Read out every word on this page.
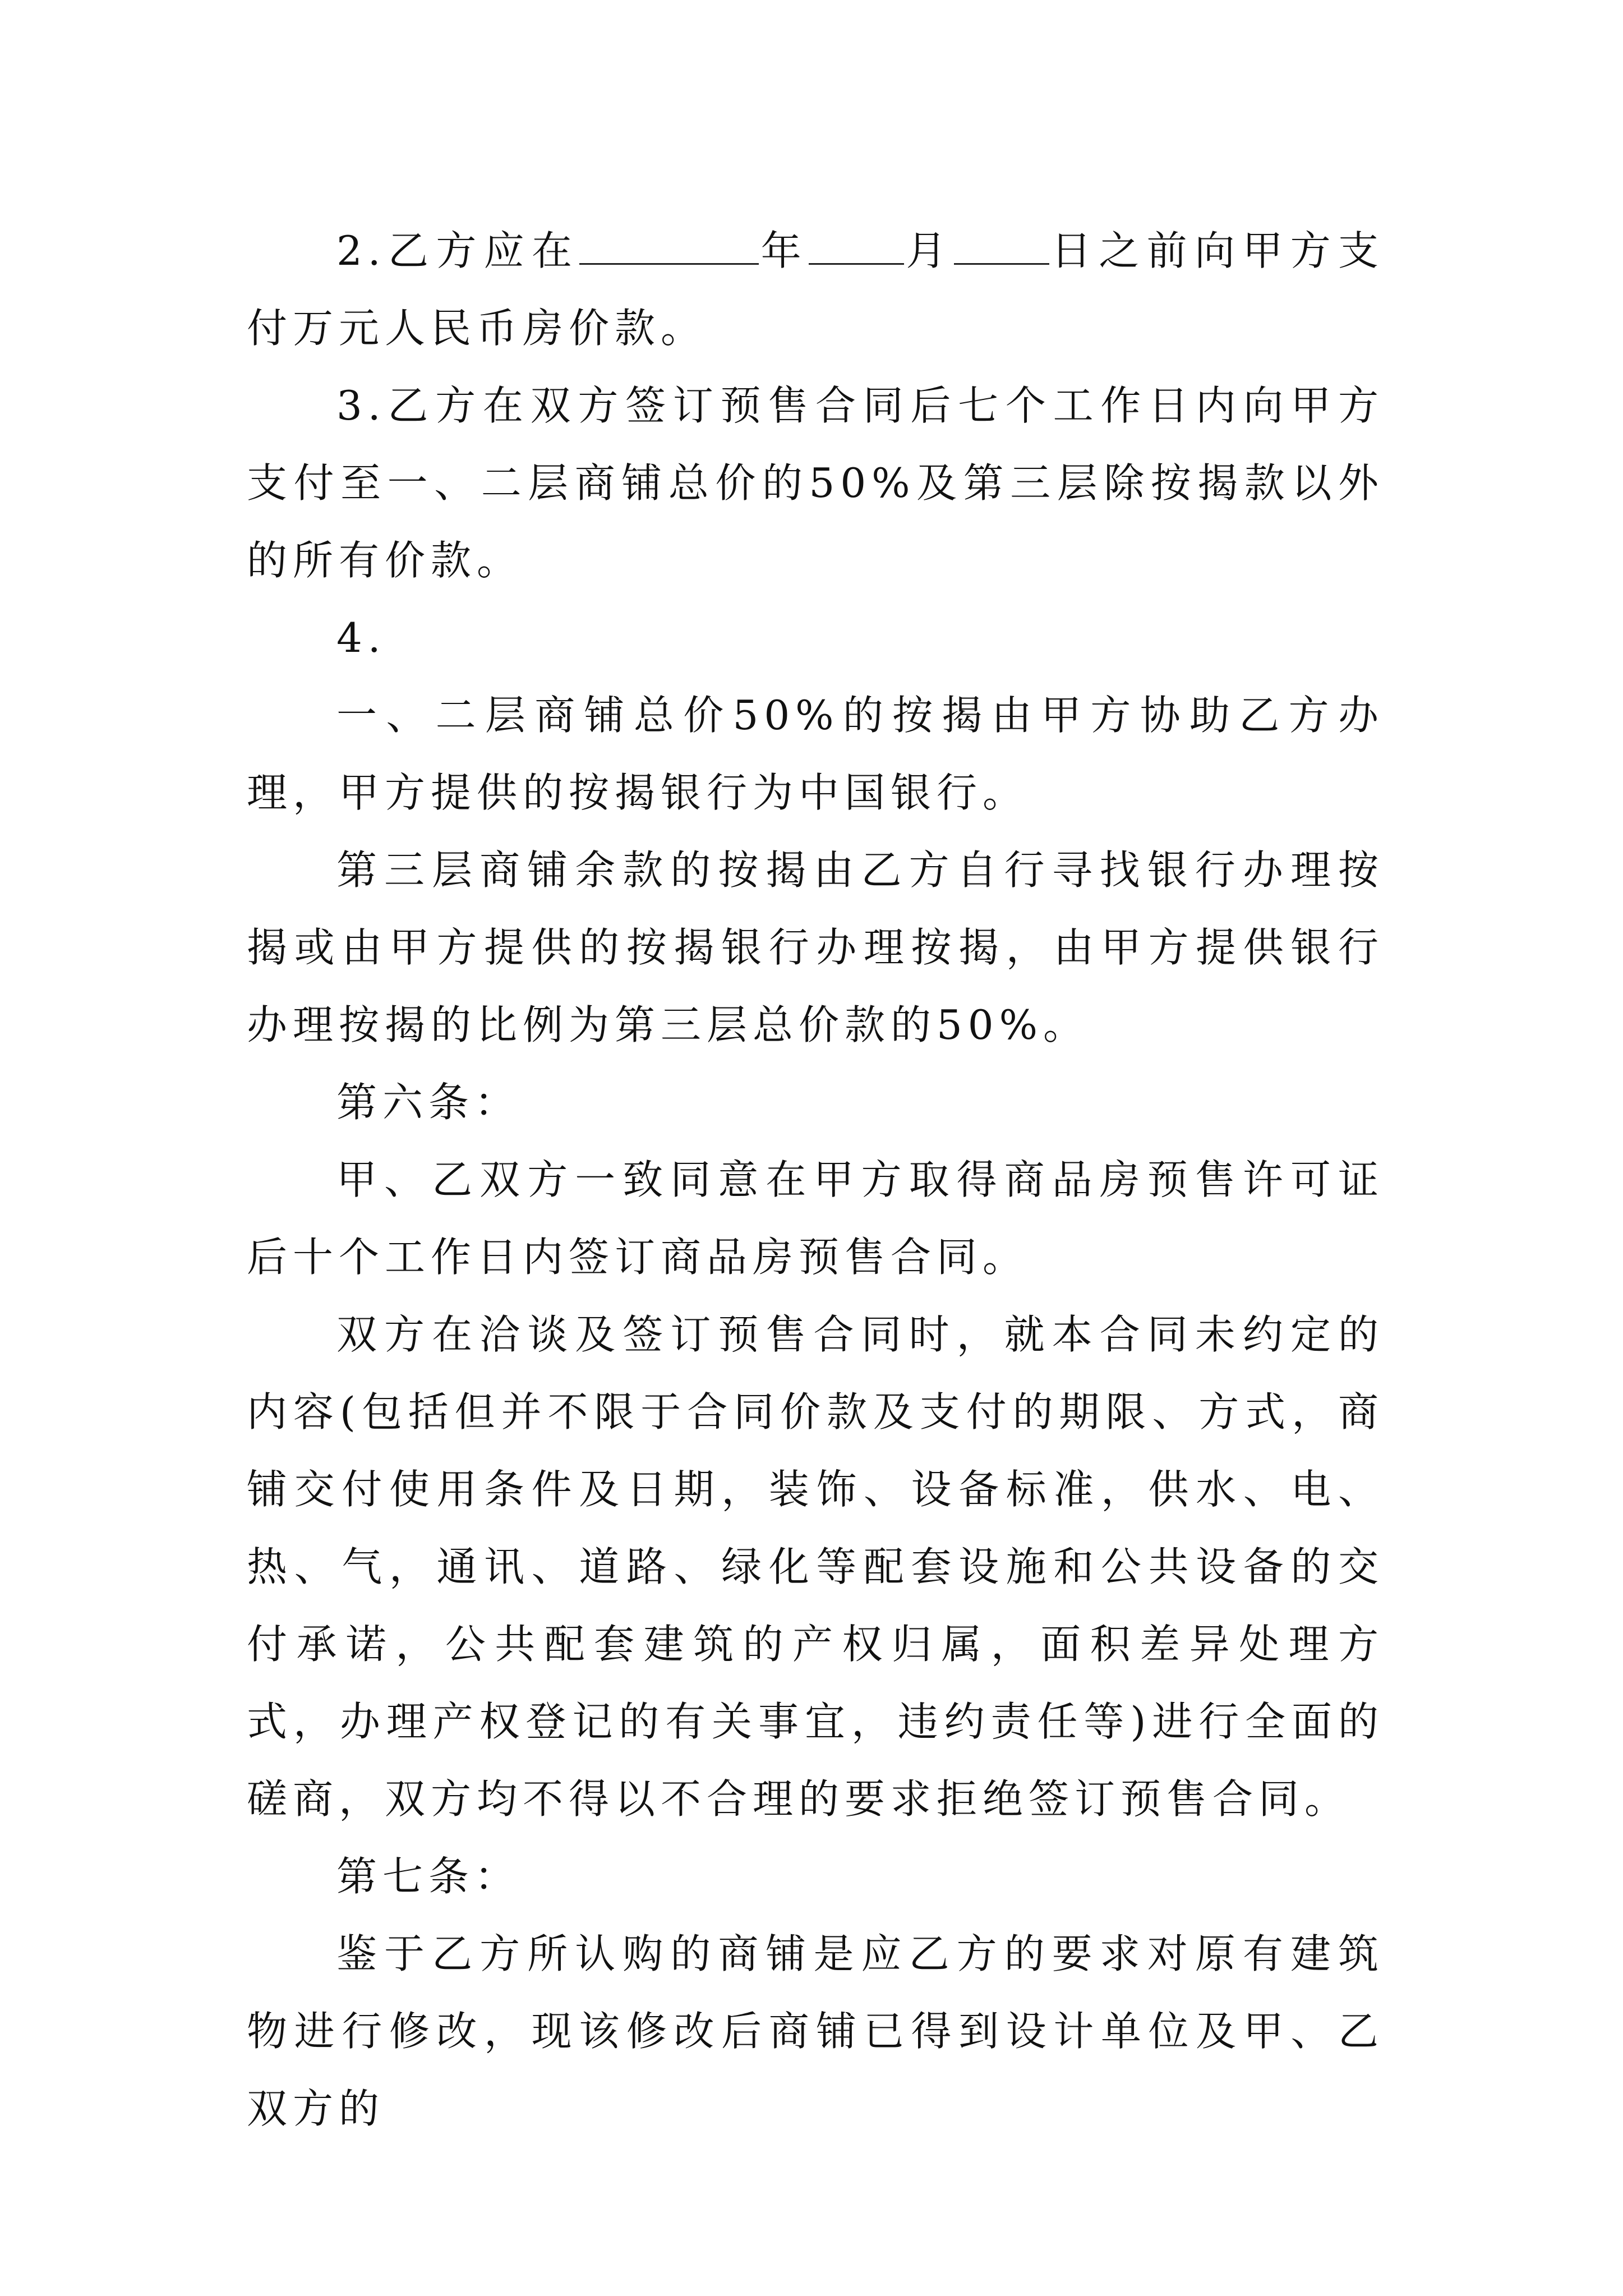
2.乙方应在	年 月 日之前向甲方支付万元人民币房价款。

3.乙方在双方签订预售合同后七个工作日内向甲方支付至一、二层商铺总价的50%及第三层除按揭款以外的所有价款。

4.

一、二层商铺总价50%的按揭由甲方协助乙方办理，甲方提供的按揭银行为中国银行。

第三层商铺余款的按揭由乙方自行寻找银行办理按揭或由甲方提供的按揭银行办理按揭，由甲方提供银行办理按揭的比例为第三层总价款的50%。

第六条：

甲、乙双方一致同意在甲方取得商品房预售许可证后十个工作日内签订商品房预售合同。

双方在洽谈及签订预售合同时，就本合同未约定的内容(包括但并不限于合同价款及支付的期限、方式，商铺交付使用条件及日期，装饰、设备标准，供水、电、热、气，通讯、道路、绿化等配套设施和公共设备的交付承诺，公共配套建筑的产权归属，面积差异处理方式，办理产权登记的有关事宜，违约责任等)进行全面的磋商，双方均不得以不合理的要求拒绝签订预售合同。

第七条：

鉴于乙方所认购的商铺是应乙方的要求对原有建筑物进行修改，现该修改后商铺已得到设计单位及甲、乙双方的
